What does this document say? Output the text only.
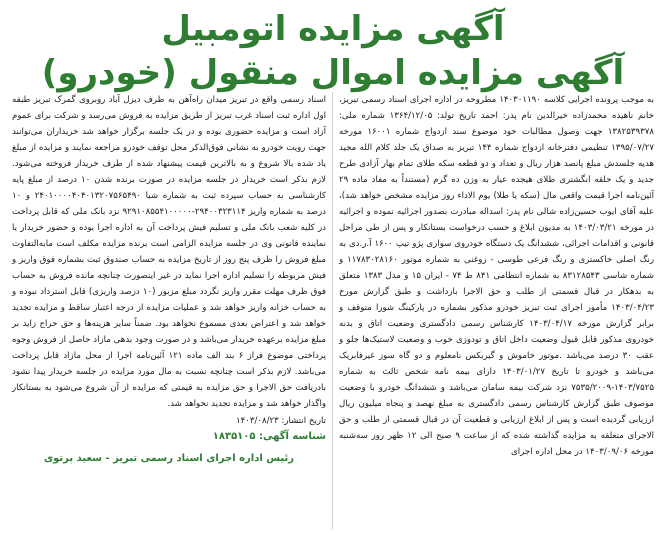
آگهی مزایده اتومبیل
آگهی مزایده اموال منقول (خودرو)

به موجب پرونده اجرایی کلاسه ۱۴۰۳۰۱۱۹۰ مطروحه در اداره اجرای اسناد رسمی تبریز، خانم ناهیده محمدزاده خیرالدین نام پدر: احمد تاریخ تولد: ۱۳۶۴/۱۲/۰۵ شماره ملی: ۱۳۸۲۵۳۹۳۷۸ جهت وصول مطالبات خود موضوع سند ازدواج شماره ۱۶۰۰۱ مورخه ۱۳۹۵/۰۷/۲۷ تنظیمی دفترخانه ازدواج شماره ۱۴۴ تبریز به صداق یک جلد کلام الله مجید هدیه جلسدش مبلغ پانصد هزار ریال و تعداد و دو قطعه سکه طلای تمام بهار آزادی طرح جدید و یک حلقه انگشتری طلای هیجده عیار به وزن ده گرم (مستنداً به مفاد ماده ۲۹ آئین‌نامه اجرا قیمت واقعی مال (سکه یا طلا) یوم الاداء روز مزایده مشخص خواهد شد)، علیه آقای ایوب حسین‌زاده شالی نام پدر: اسداله مبادرت بصدور اجرائیه نموده و اجرائیه در مورخه ۱۴۰۳/۰۳/۲۱ به مدیون ابلاغ و حسب درخواست بستانکار و پس از طی مراحل قانونی و اقدامات اجرائی، ششدانگ یک دستگاه خودروی سواری پژو تیپ ۱۶۰۰ آ.ر.دی به رنگ اصلی خاکستری و رنگ فرعی طوسی - روغنی به شماره موتور ۱۱۷۸۳۰۲۸۱۶۰ و شماره شاسی ۸۳۱۲۸۵۴۳ به شماره انتظامی ۸۴۱ ط ۷۴ - ایران ۱۵ و مدل ۱۳۸۳ متعلق به بدهکار در قبال قسمتی از طلب و حق الاجرا بازداشت و طبق گزارش مورخ ۱۴۰۳/۰۴/۲۳ مأمور اجرای ثبت تبریز خودرو مذکور بشماره در پارکینگ شورا متوقف و برابر گزارش مورخه ۱۴۰۳/۰۴/۱۷ کارشناس رسمی دادگستری وضعیت اتاق و بدنه خودروی مذکور قابل قبول وضعیت داخل اتاق و تودوزی خوب و وضعیت لاستیک‌ها جلو و عقب ۳۰ درصد می‌باشد .موتور خاموش و گیربکس نامعلوم و دو گاه سوز غیرفابریک می‌باشد و خودرو تا تاریخ ۱۴۰۳/۰۱/۲۷ دارای بیمه نامه شخص ثالث به شماره ۱۴۰۳/۷۵۲۵-۷۵۳۵/۲۰۰۹ نزد شرکت بیمه سامان می‌باشد و ششدانگ خودرو با وضعیت موصوف طبق گزارش کارشناس رسمی دادگستری به مبلغ نهصد و پنجاه میلیون ریال ارزیابی گردیده است و پس از ابلاغ ارزیابی و قطعیت آن در قبال قسمتی از طلب و حق الاجرای متعلقه به مزایده گذاشته شده که از ساعت ۹ صبح الی ۱۲ ظهر روز سه‌شنبه مورخه ۱۴۰۳/۰۹/۰۶ در محل اداره اجرای

اسناد رسمی واقع در تبریز میدان راه‌آهن به طرف دیزل آباد روبروی گمرک تبریز طبقه اول اداره ثبت اسناد غرب تبریز از طریق مزایده به فروش می‌رسد و شرکت برای عموم آزاد است و مزایده حضوری بوده و در یک جلسه برگزار خواهد شد خریداران می‌توانند جهت رویت خودرو به نشانی فوق‌الذکر محل توقف خودرو مراجعه نمایند و مزایده از مبلغ یاد شده بالا شروع و به بالاترین قیمت پیشنهاد شده از طرف خریدار فروخته می‌شود. لازم بذکر است خریدار در جلسه مزایده در صورت برنده شدن ۱۰ درصد از مبلغ پایه کارشناسی به حساب سپرده ثبت به شماره شبا ۲۴۰۱۰۰۰۰۴۰۴۰۱۳۲۰۷۵۶۵۴۹۰ و ۱۰ درصد به شماره واریز ۲۹۴۰۰۳۲۳۱۱۴-۹۲۹۱۰۸۵۵۴۱۰۰۰۰۰ نزد بانک ملی که قابل پرداخت در کلیه شعب بانک ملی و تسلیم فیش پرداخت آن به اداره اجرا بوده و حضور خریدار یا نماینده قانونی وی در جلسه مزایده الزامی است برنده مزایده مکلف است مابه‌التفاوت مبلغ فروش را ظرف پنج روز از تاریخ مزایده به حساب صندوق ثبت بشماره فوق واریز و فیش مربوطه را تسلیم اداره اجرا نماید در غیر اینصورت چنانچه مانده فروش به حساب فوق ظرف مهلت مقرر واریز نگردد مبلغ مزبور (۱۰ درصد واریزی) قابل استرداد نبوده و به حساب خزانه واریز خواهد شد و عملیات مزایده از درجه اعتبار ساقط و مزایده تجدید خواهد شد و اعتراض بعدی مسموع نخواهد بود. ضمناً سایر هزینه‌ها و حق حراج زاید بر مبلغ مزایده برعهده خریدار می‌باشد و در صورت وجود بدهی مازاد حاصل از فروش وجوه پرداختی موضوع فراز ۶ بند الف ماده ۱۲۱ آئین‌نامه اجرا از محل مازاد قابل پرداخت می‌باشد. لازم بذکر است چنانچه نسبت به مال مورد مزایده در جلسه خریدار پیدا نشود بادریافت حق الاجرا و حق مزایده به قیمتی که مزایده از آن شروع می‌شود به بستانکار واگذار خواهد شد و مزایده تجدید نخواهد شد.

تاریخ انتشار: ۱۴۰۳/۰۸/۲۳
شناسه آگهی: ۱۸۳۵۱۰۵
رئیس اداره اجرای اسناد رسمی تبریز - سعید پرتوی
